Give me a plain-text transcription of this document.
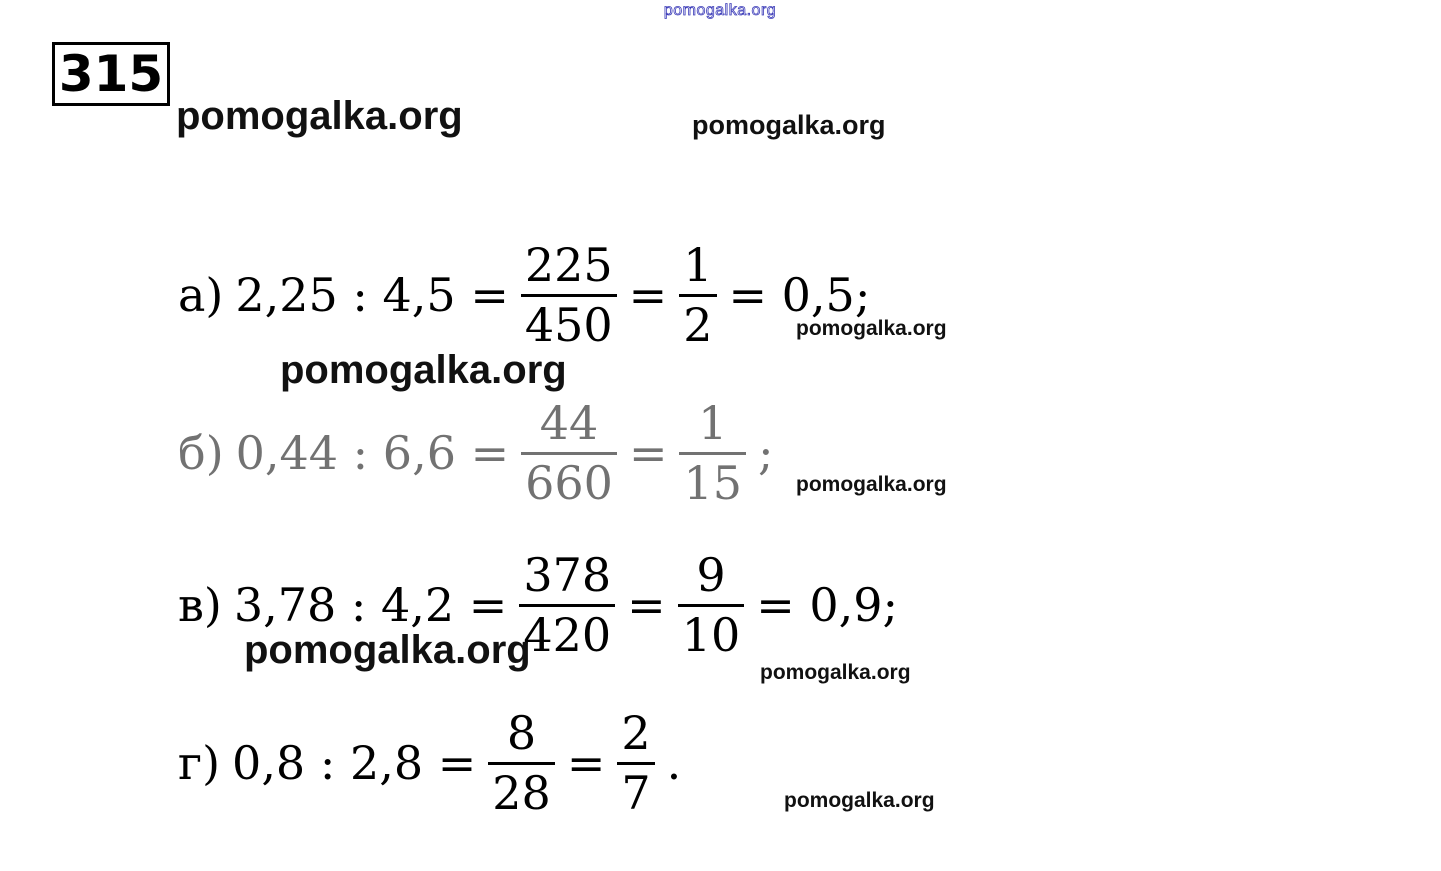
pomogalka.org
315
pomogalka.org	pomogalka.org
а) 2,25 : $4,5 = \frac{225}{450} = \frac{1}{2} = 0,5$;
pomogalka.org
pomogalka.org
б) 0,44 : $6,6 = \frac{44}{660} = \frac{1}{15}$ ;
pomogalka.org
в) 3,78 : $4,2 = \frac{378}{420} = \frac{9}{10} = 0,9$;
pomogalka.org
pomogalka.org
г) 0,8 : $2,8 = \frac{8}{28} = \frac{2}{7}$ .
pomogalka.org
